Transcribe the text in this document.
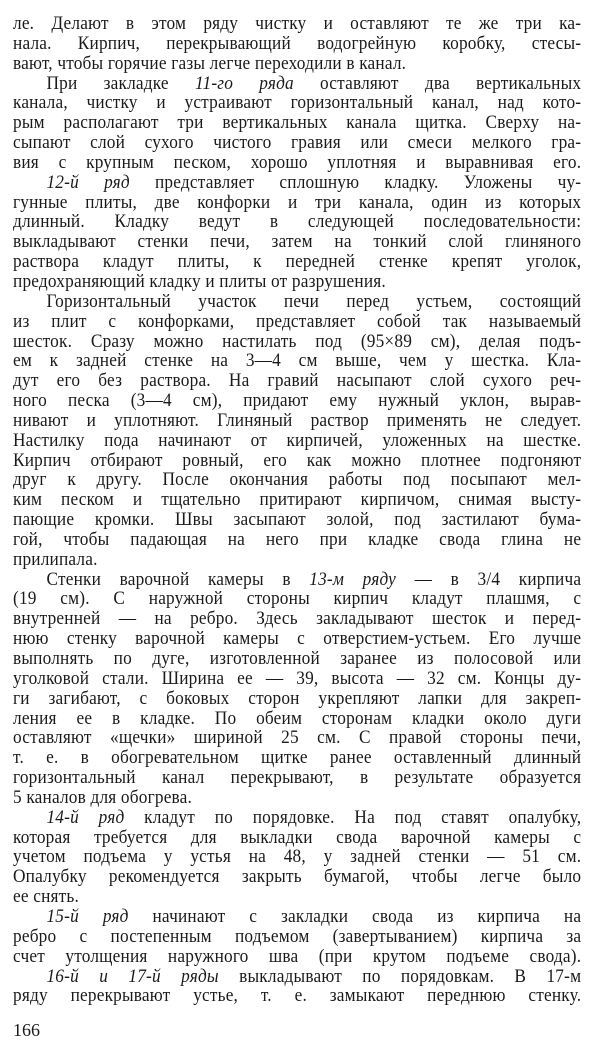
ле. Делают в этом ряду чистку и оставляют те же три ка-
нала. Кирпич, перекрывающий водогрейную коробку, стесы-
вают, чтобы горячие газы легче переходили в канал.
При закладке 11-го ряда оставляют два вертикальных
канала, чистку и устраивают горизонтальный канал, над кото-
рым располагают три вертикальных канала щитка. Сверху на-
сыпают слой сухого чистого гравия или смеси мелкого гра-
вия с крупным песком, хорошо уплотняя и выравнивая его.
12-й ряд представляет сплошную кладку. Уложены чу-
гунные плиты, две конфорки и три канала, один из которых
длинный. Кладку ведут в следующей последовательности:
выкладывают стенки печи, затем на тонкий слой глиняного
раствора кладут плиты, к передней стенке крепят уголок,
предохраняющий кладку и плиты от разрушения.
Горизонтальный участок печи перед устьем, состоящий
из плит с конфорками, представляет собой так называемый
шесток. Сразу можно настилать под (95×89 см), делая подъ-
ем к задней стенке на 3—4 см выше, чем у шестка. Кла-
дут его без раствора. На гравий насыпают слой сухого реч-
ного песка (3—4 см), придают ему нужный уклон, вырав-
нивают и уплотняют. Глиняный раствор применять не следует.
Настилку пода начинают от кирпичей, уложенных на шестке.
Кирпич отбирают ровный, его как можно плотнее подгоняют
друг к другу. После окончания работы под посыпают мел-
ким песком и тщательно притирают кирпичом, снимая высту-
пающие кромки. Швы засыпают золой, под застилают бума-
гой, чтобы падающая на него при кладке свода глина не
прилипала.
Стенки варочной камеры в 13-м ряду — в 3/4 кирпича
(19 см). С наружной стороны кирпич кладут плашмя, с
внутренней — на ребро. Здесь закладывают шесток и перед-
нюю стенку варочной камеры с отверстием-устьем. Его лучше
выполнять по дуге, изготовленной заранее из полосовой или
уголковой стали. Ширина ее — 39, высота — 32 см. Концы ду-
ги загибают, с боковых сторон укрепляют лапки для закреп-
ления ее в кладке. По обеим сторонам кладки около дуги
оставляют «щечки» шириной 25 см. С правой стороны печи,
т. е. в обогревательном щитке ранее оставленный длинный
горизонтальный канал перекрывают, в результате образуется
5 каналов для обогрева.
14-й ряд кладут по порядовке. На под ставят опалубку,
которая требуется для выкладки свода варочной камеры с
учетом подъема у устья на 48, у задней стенки — 51 см.
Опалубку рекомендуется закрыть бумагой, чтобы легче было
ее снять.
15-й ряд начинают с закладки свода из кирпича на
ребро с постепенным подъемом (завертыванием) кирпича за
счет утолщения наружного шва (при крутом подъеме свода).
16-й и 17-й ряды выкладывают по порядовкам. В 17-м
ряду перекрывают устье, т. е. замыкают переднюю стенку.
166
